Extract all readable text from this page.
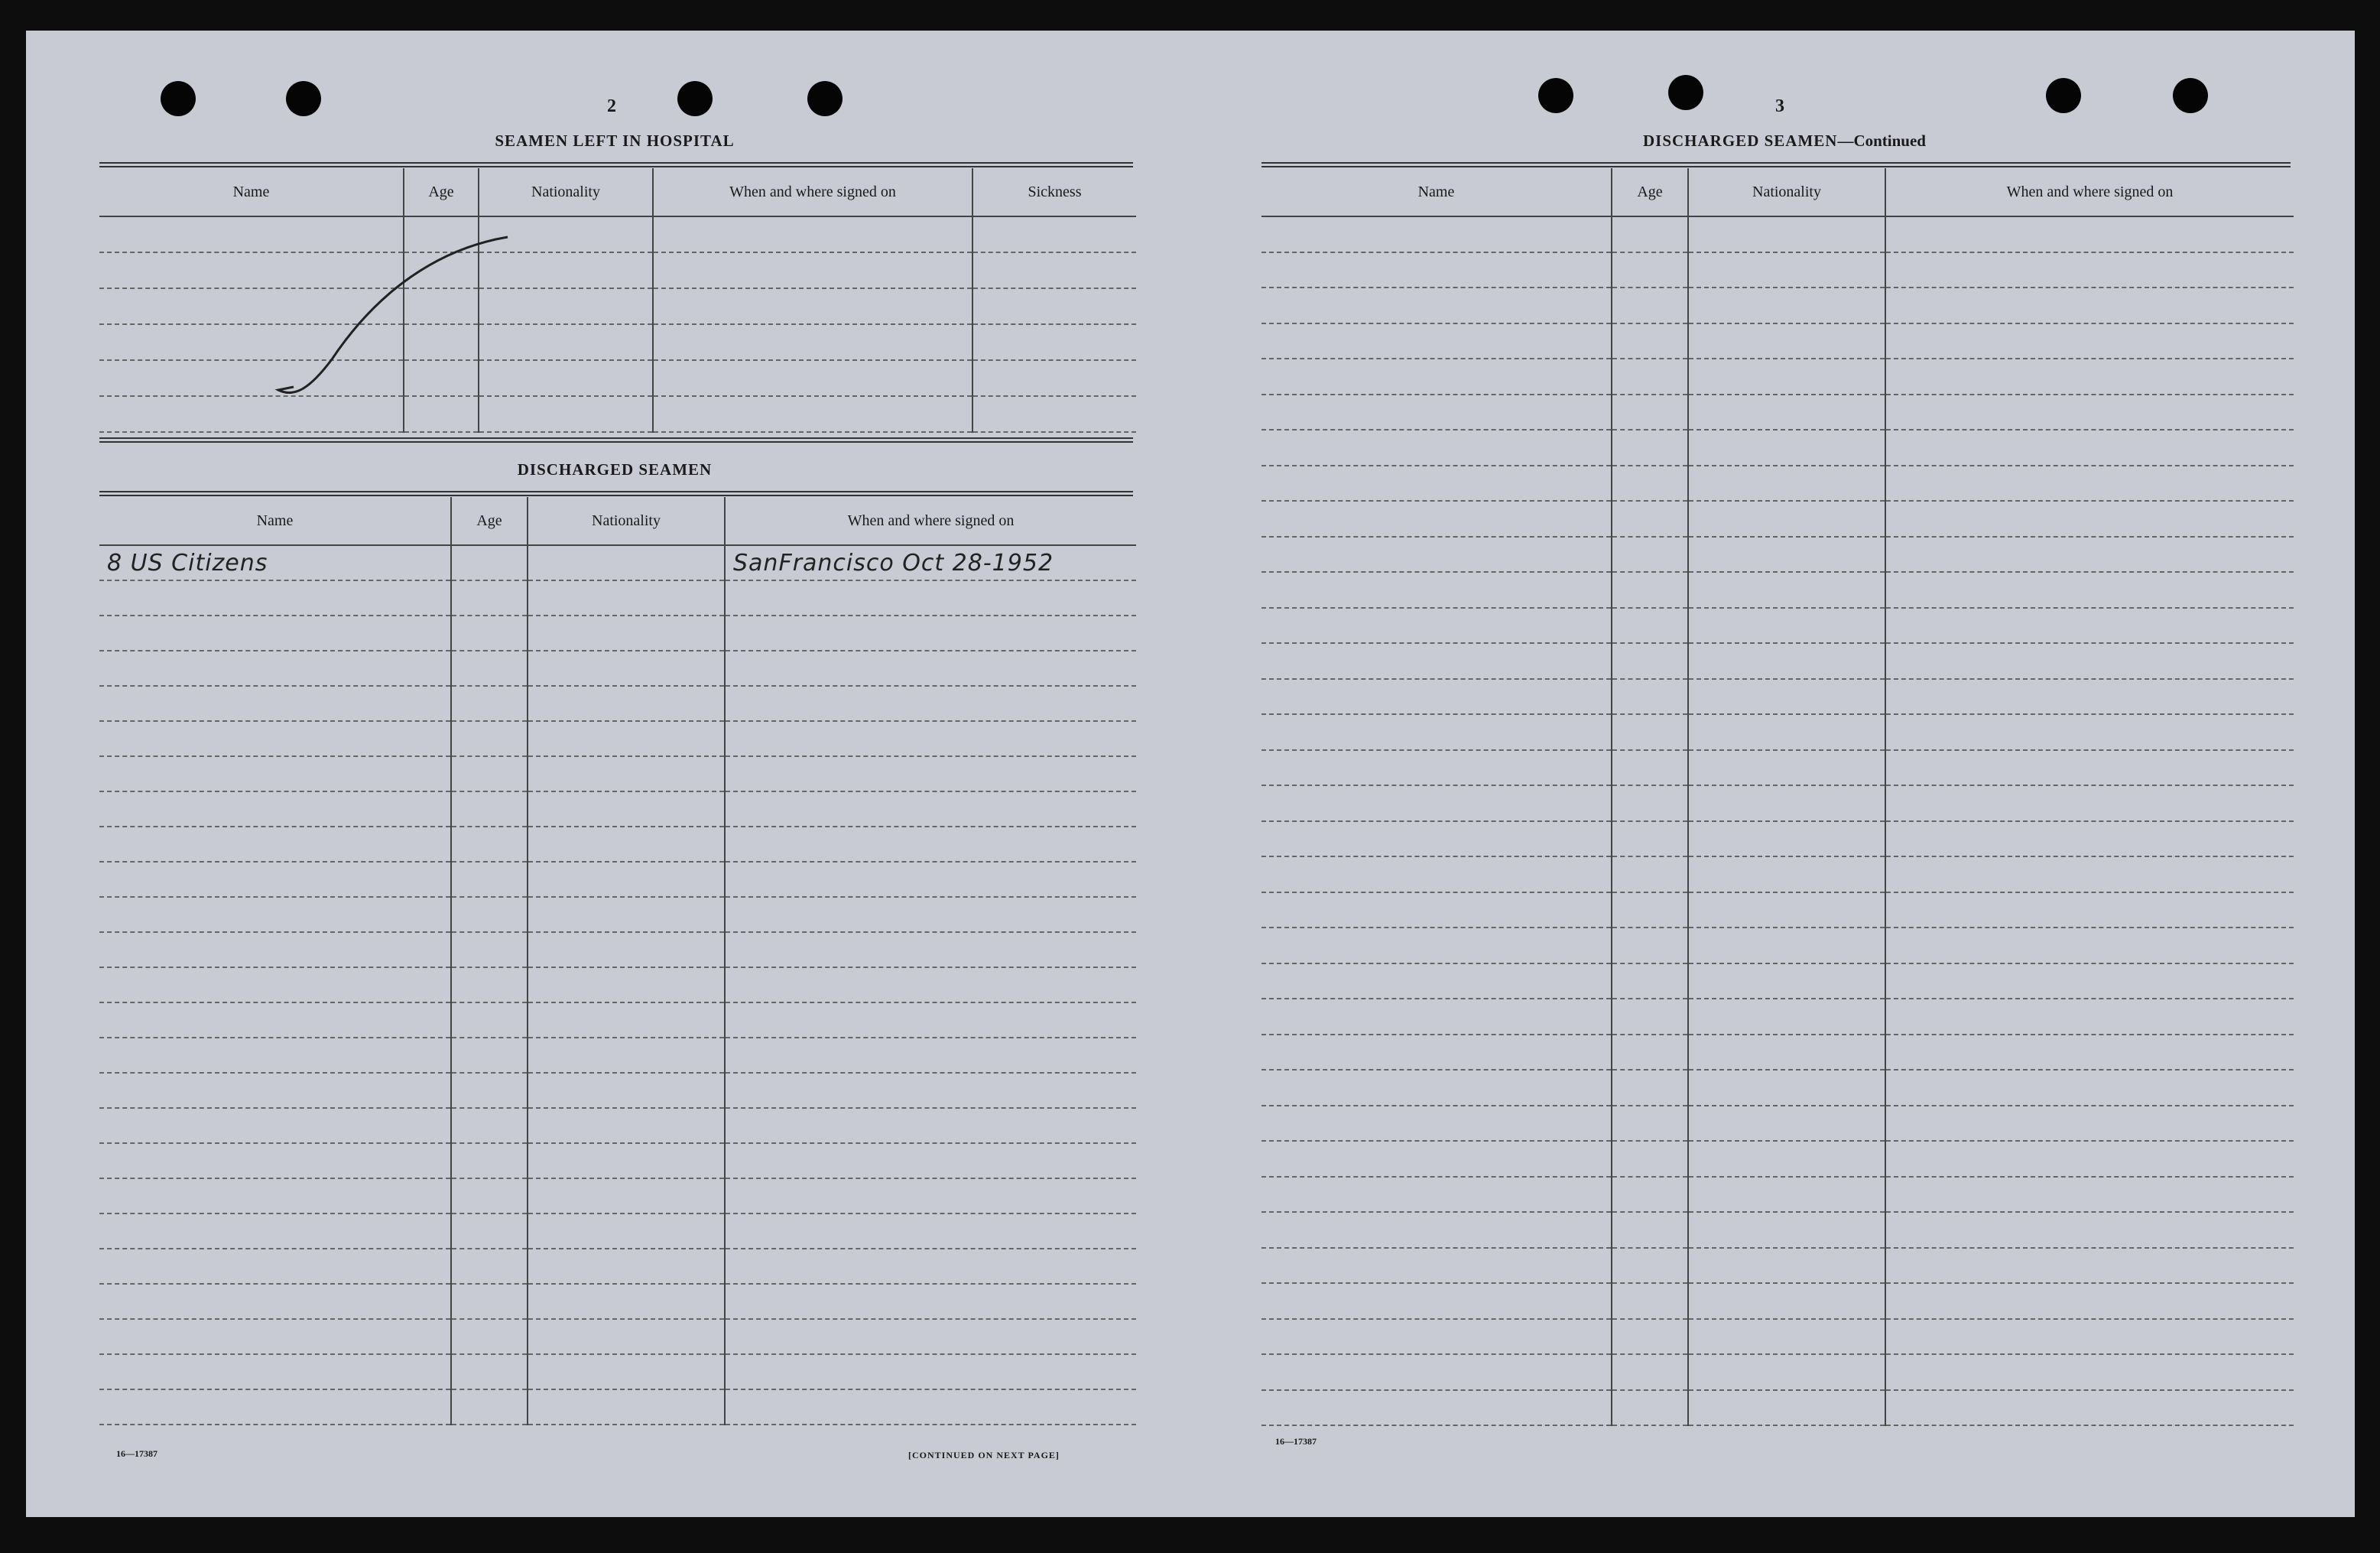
2
SEAMEN LEFT IN HOSPITAL
Name	Age	Nationality	When and where signed on	Sickness

DISCHARGED SEAMEN
Name	Age	Nationality	When and where signed on
8 US Citizens			SanFrancisco Oct 28-1952

16—17387	[CONTINUED ON NEXT PAGE]
3
DISCHARGED SEAMEN—Continued
Name	Age	Nationality	When and where signed on

16—17387
